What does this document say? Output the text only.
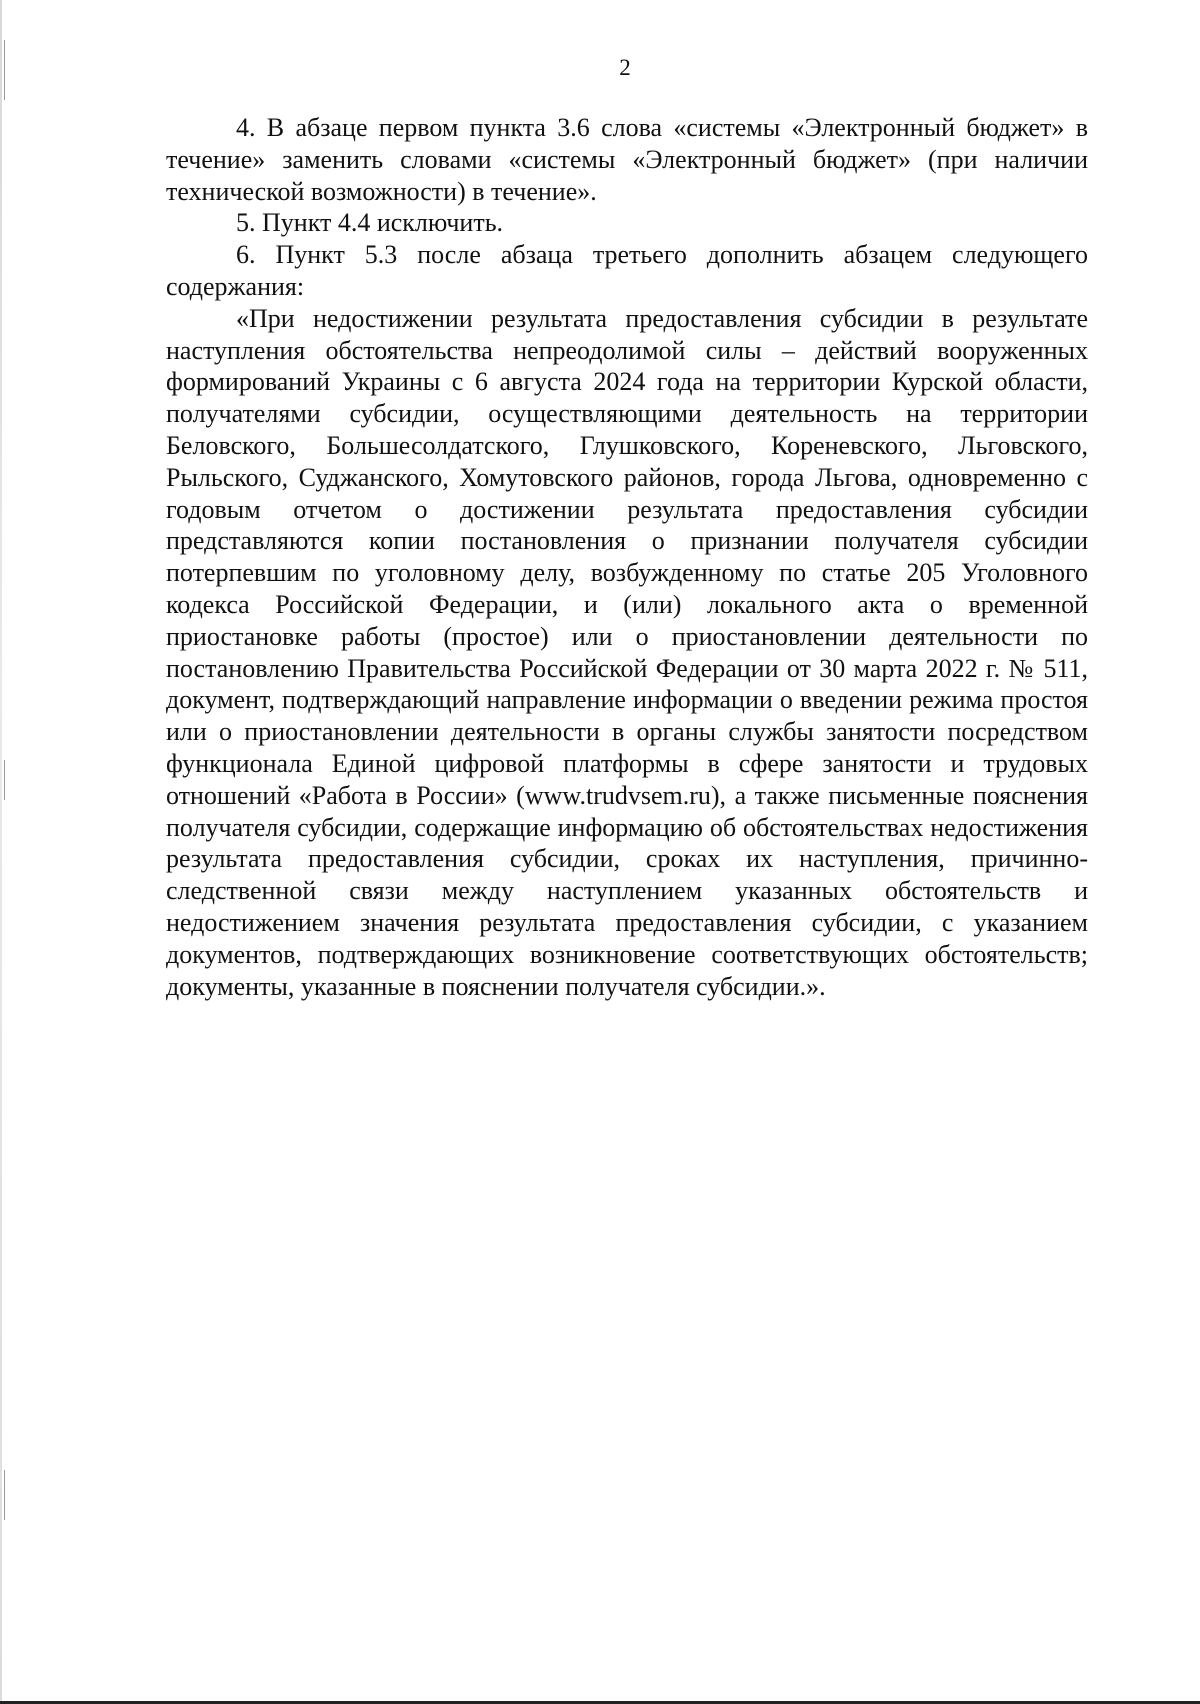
2

4. В абзаце первом пункта 3.6 слова «системы «Электронный бюджет» в течение» заменить словами «системы «Электронный бюджет» (при наличии технической возможности) в течение».

5. Пункт 4.4 исключить.

6. Пункт 5.3 после абзаца третьего дополнить абзацем следующего содержания:

«При недостижении результата предоставления субсидии в результате наступления обстоятельства непреодолимой силы – действий вооруженных формирований Украины с 6 августа 2024 года на территории Курской области, получателями субсидии, осуществляющими деятельность на территории Беловского, Большесолдатского, Глушковского, Кореневского, Льговского, Рыльского, Суджанского, Хомутовского районов, города Льгова, одновременно с годовым отчетом о достижении результата предоставления субсидии представляются копии постановления о признании получателя субсидии потерпевшим по уголовному делу, возбужденному по статье 205 Уголовного кодекса Российской Федерации, и (или) локального акта о временной приостановке работы (простое) или о приостановлении деятельности по постановлению Правительства Российской Федерации от 30 марта 2022 г. № 511, документ, подтверждающий направление информации о введении режима простоя или о приостановлении деятельности в органы службы занятости посредством функционала Единой цифровой платформы в сфере занятости и трудовых отношений «Работа в России» (www.trudvsem.ru), а также письменные пояснения получателя субсидии, содержащие информацию об обстоятельствах недостижения результата предоставления субсидии, сроках их наступления, причинно-следственной связи между наступлением указанных обстоятельств и недостижением значения результата предоставления субсидии, с указанием документов, подтверждающих возникновение соответствующих обстоятельств; документы, указанные в пояснении получателя субсидии.».
